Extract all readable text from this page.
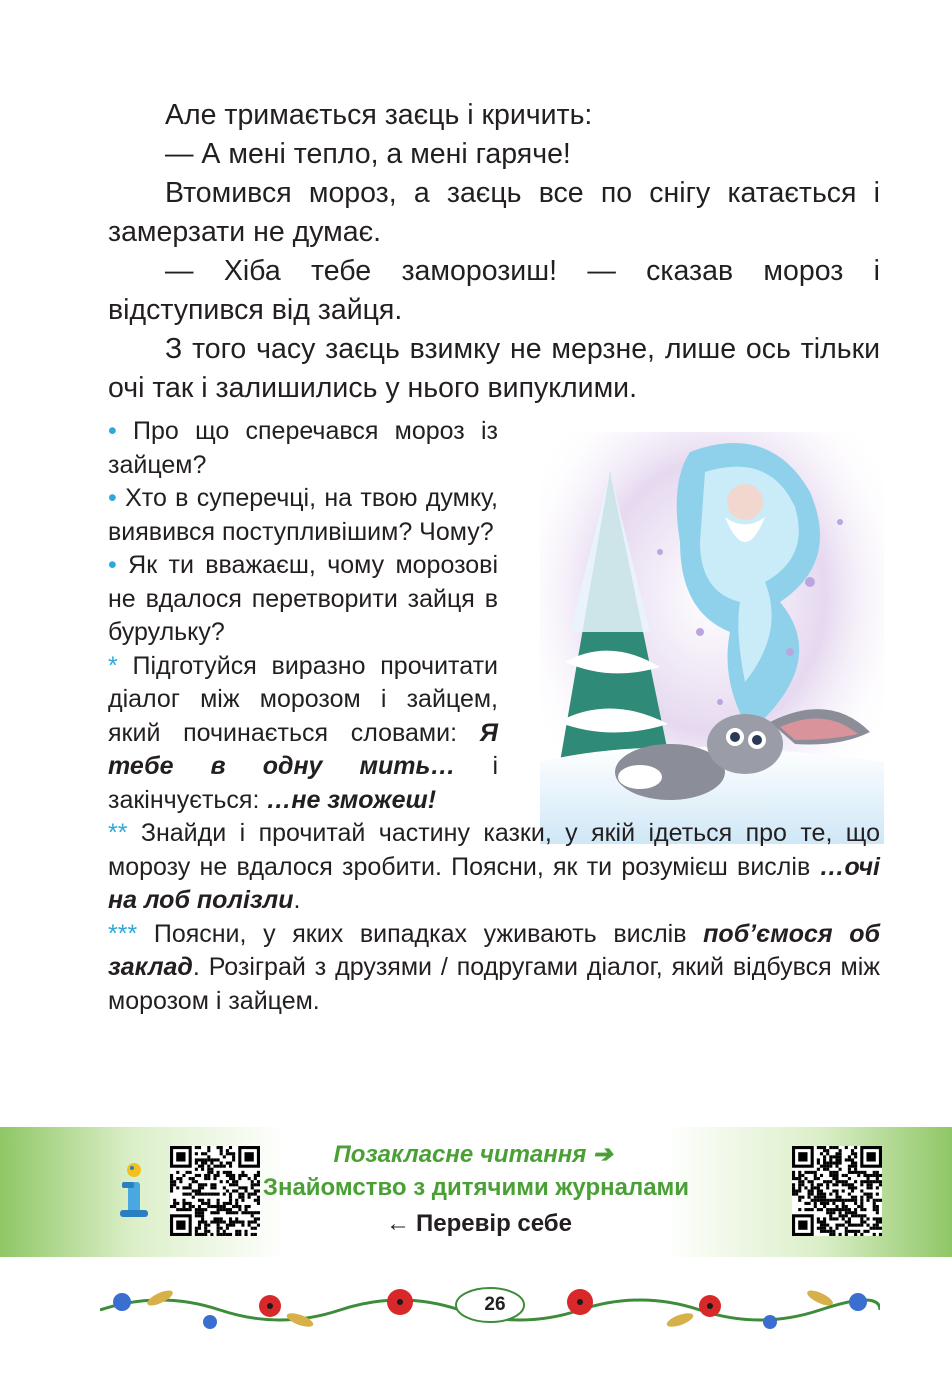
Але тримається заєць і кричить:

— А мені тепло, а мені гаряче!

Втомився мороз, а заєць все по снігу катається і замерзати не думає.

— Хіба тебе заморозиш! — сказав мороз і відступився від зайця.

З того часу заєць взимку не мерзне, лише ось тільки очі так і залишились у нього випуклими.

• Про що сперечався мороз із зайцем?
• Хто в суперечці, на твою думку, виявився поступливішим? Чому?
• Як ти вважаєш, чому морозові не вдалося перетворити зайця в бурульку?
* Підготуйся виразно прочитати діалог між морозом і зайцем, який починається словами: Я тебе в одну мить… і закінчується: …не зможеш!
** Знайди і прочитай частину казки, у якій ідеться про те, що морозу не вдалося зробити. Поясни, як ти розумієш вислів …очі на лоб полізли.
*** Поясни, у яких випадках уживають вислів поб’ємося об заклад. Розіграй з друзями / подругами діалог, який відбувся між морозом і зайцем.
Позакласне читання ➔
Знайомство з дитячими журналами
← Перевір себе
26
